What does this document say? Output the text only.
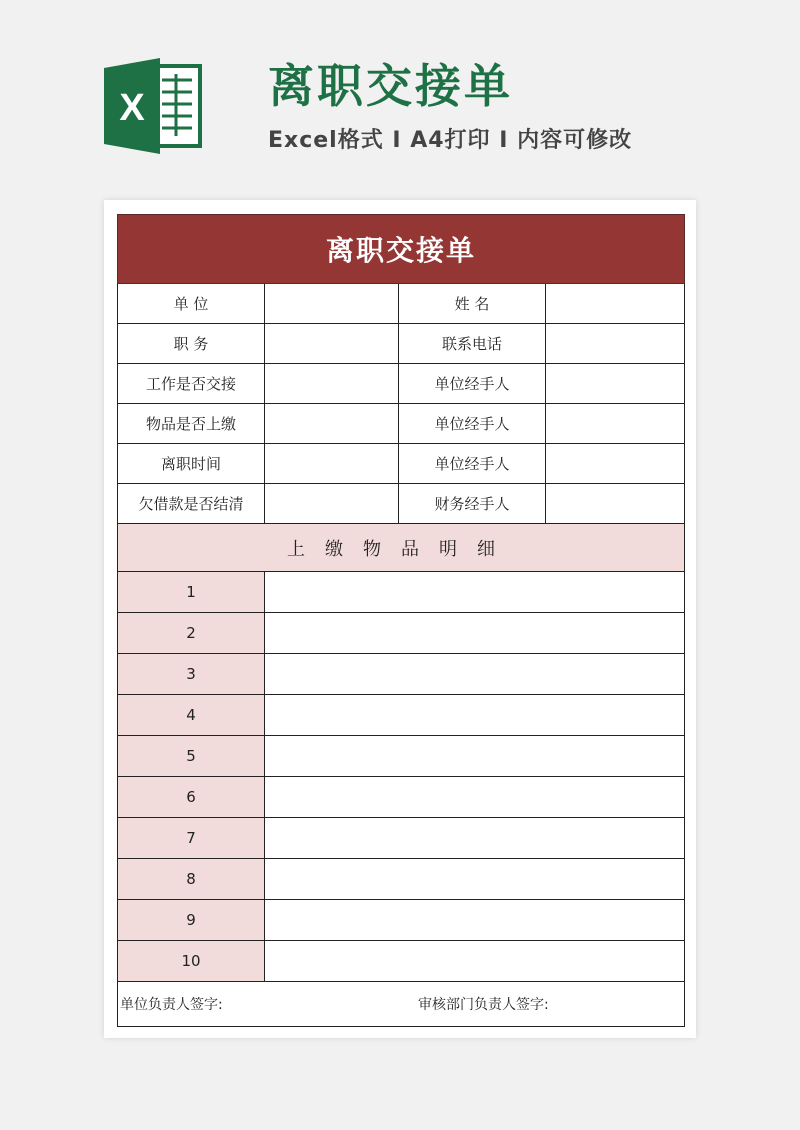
X	离职交接单
Excel格式 I A4打印 I 内容可修改
离职交接单			
单 位		姓 名	
职 务		联系电话	
工作是否交接		单位经手人	
物品是否上缴		单位经手人	
离职时间		单位经手人	
欠借款是否结清		财务经手人	
上缴物品明细			
1			
2			
3			
4			
5			
6			
7			
8			
9			
10			
单位负责人签字: 审核部门负责人签字:			
